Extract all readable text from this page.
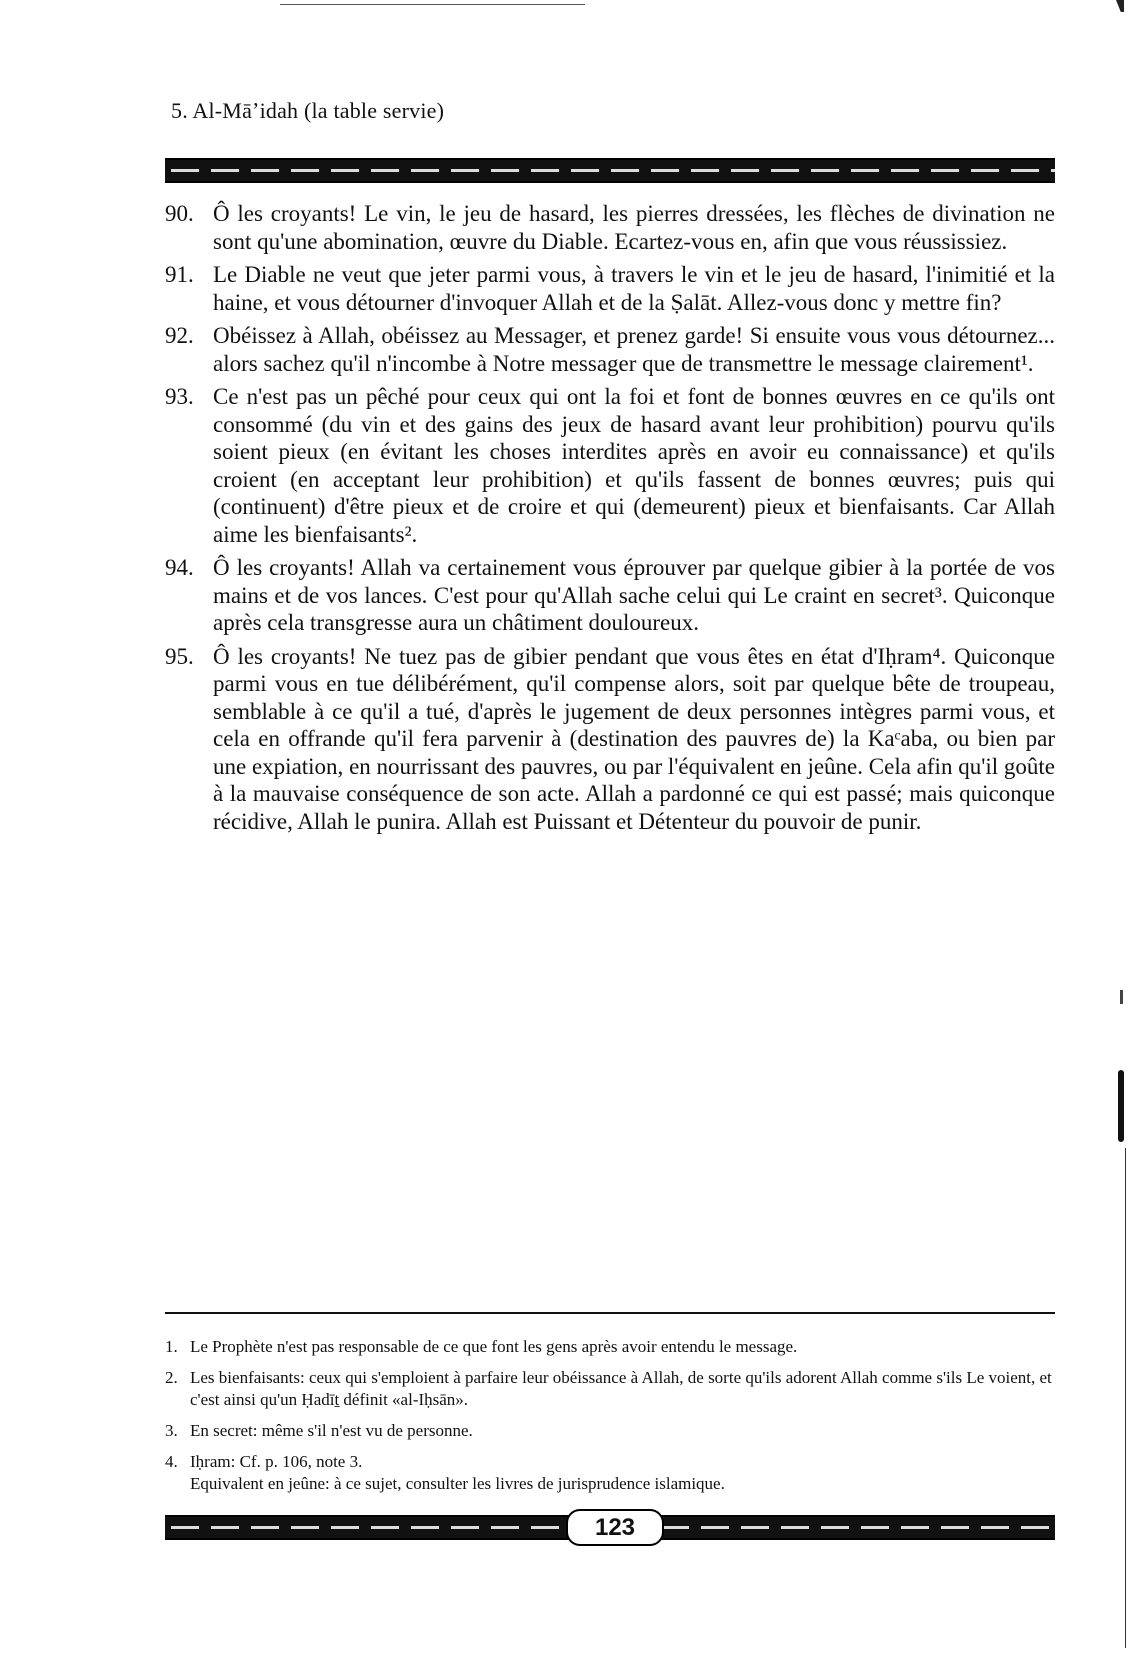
5. Al-Māʼidah (la table servie)
90. Ô les croyants! Le vin, le jeu de hasard, les pierres dressées, les flèches de divination ne sont qu'une abomination, œuvre du Diable. Ecartez-vous en, afin que vous réussissiez.
91. Le Diable ne veut que jeter parmi vous, à travers le vin et le jeu de hasard, l'inimitié et la haine, et vous détourner d'invoquer Allah et de la Ṣalāt. Allez-vous donc y mettre fin?
92. Obéissez à Allah, obéissez au Messager, et prenez garde! Si ensuite vous vous détournez... alors sachez qu'il n'incombe à Notre messager que de transmettre le message clairement¹.
93. Ce n'est pas un pêché pour ceux qui ont la foi et font de bonnes œuvres en ce qu'ils ont consommé (du vin et des gains des jeux de hasard avant leur prohibition) pourvu qu'ils soient pieux (en évitant les choses interdites après en avoir eu connaissance) et qu'ils croient (en acceptant leur prohibition) et qu'ils fassent de bonnes œuvres; puis qui (continuent) d'être pieux et de croire et qui (demeurent) pieux et bienfaisants. Car Allah aime les bienfaisants².
94. Ô les croyants! Allah va certainement vous éprouver par quelque gibier à la portée de vos mains et de vos lances. C'est pour qu'Allah sache celui qui Le craint en secret³. Quiconque après cela transgresse aura un châtiment douloureux.
95. Ô les croyants! Ne tuez pas de gibier pendant que vous êtes en état d'Iḥram⁴. Quiconque parmi vous en tue délibérément, qu'il compense alors, soit par quelque bête de troupeau, semblable à ce qu'il a tué, d'après le jugement de deux personnes intègres parmi vous, et cela en offrande qu'il fera parvenir à (destination des pauvres de) la Kaᶜaba, ou bien par une expiation, en nourrissant des pauvres, ou par l'équivalent en jeûne. Cela afin qu'il goûte à la mauvaise conséquence de son acte. Allah a pardonné ce qui est passé; mais quiconque récidive, Allah le punira. Allah est Puissant et Détenteur du pouvoir de punir.
1. Le Prophète n'est pas responsable de ce que font les gens après avoir entendu le message.
2. Les bienfaisants: ceux qui s'emploient à parfaire leur obéissance à Allah, de sorte qu'ils adorent Allah comme s'ils Le voient, et c'est ainsi qu'un Ḥadīṯ définit «al-Iḥsān».
3. En secret: même s'il n'est vu de personne.
4. Iḥram: Cf. p. 106, note 3.
Equivalent en jeûne: à ce sujet, consulter les livres de jurisprudence islamique.
123
